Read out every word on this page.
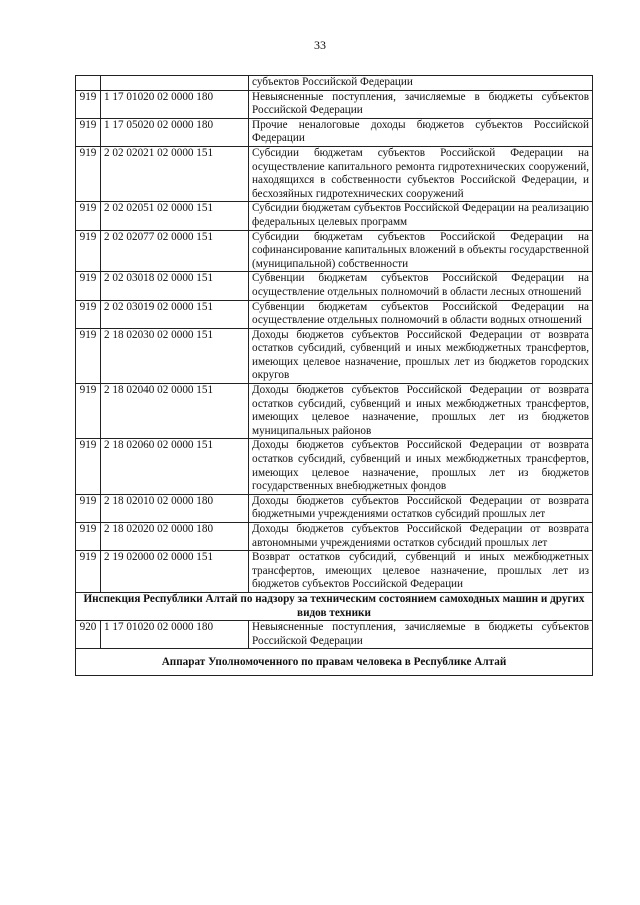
33
		субъектов Российской Федерации
919	1 17 01020 02 0000 180	Невыясненные поступления, зачисляемые в бюджеты субъектов Российской Федерации
919	1 17 05020 02 0000 180	Прочие неналоговые доходы бюджетов субъектов Российской Федерации
919	2 02 02021 02 0000 151	Субсидии бюджетам субъектов Российской Федерации на осуществление капитального ремонта гидротехнических сооружений, находящихся в собственности субъектов Российской Федерации, и бесхозяйных гидротехнических сооружений
919	2 02 02051 02 0000 151	Субсидии бюджетам субъектов Российской Федерации на реализацию федеральных целевых программ
919	2 02 02077 02 0000 151	Субсидии бюджетам субъектов Российской Федерации на софинансирование капитальных вложений в объекты государственной (муниципальной) собственности
919	2 02 03018 02 0000 151	Субвенции бюджетам субъектов Российской Федерации на осуществление отдельных полномочий в области лесных отношений
919	2 02 03019 02 0000 151	Субвенции бюджетам субъектов Российской Федерации на осуществление отдельных полномочий в области водных отношений
919	2 18 02030 02 0000 151	Доходы бюджетов субъектов Российской Федерации от возврата остатков субсидий, субвенций и иных межбюджетных трансфертов, имеющих целевое назначение, прошлых лет из бюджетов городских округов
919	2 18 02040 02 0000 151	Доходы бюджетов субъектов Российской Федерации от возврата остатков субсидий, субвенций и иных межбюджетных трансфертов, имеющих целевое назначение, прошлых лет из бюджетов муниципальных районов
919	2 18 02060 02 0000 151	Доходы бюджетов субъектов Российской Федерации от возврата остатков субсидий, субвенций и иных межбюджетных трансфертов, имеющих целевое назначение, прошлых лет из бюджетов государственных внебюджетных фондов
919	2 18 02010 02 0000 180	Доходы бюджетов субъектов Российской Федерации от возврата бюджетными учреждениями остатков субсидий прошлых лет
919	2 18 02020 02 0000 180	Доходы бюджетов субъектов Российской Федерации от возврата автономными учреждениями остатков субсидий прошлых лет
919	2 19 02000 02 0000 151	Возврат остатков субсидий, субвенций и иных межбюджетных трансфертов, имеющих целевое назначение, прошлых лет из бюджетов субъектов Российской Федерации
Инспекция Республики Алтай по надзору за техническим состоянием самоходных машин и других видов техники		
920	1 17 01020 02 0000 180	Невыясненные поступления, зачисляемые в бюджеты субъектов Российской Федерации
Аппарат Уполномоченного по правам человека в Республике Алтай		
